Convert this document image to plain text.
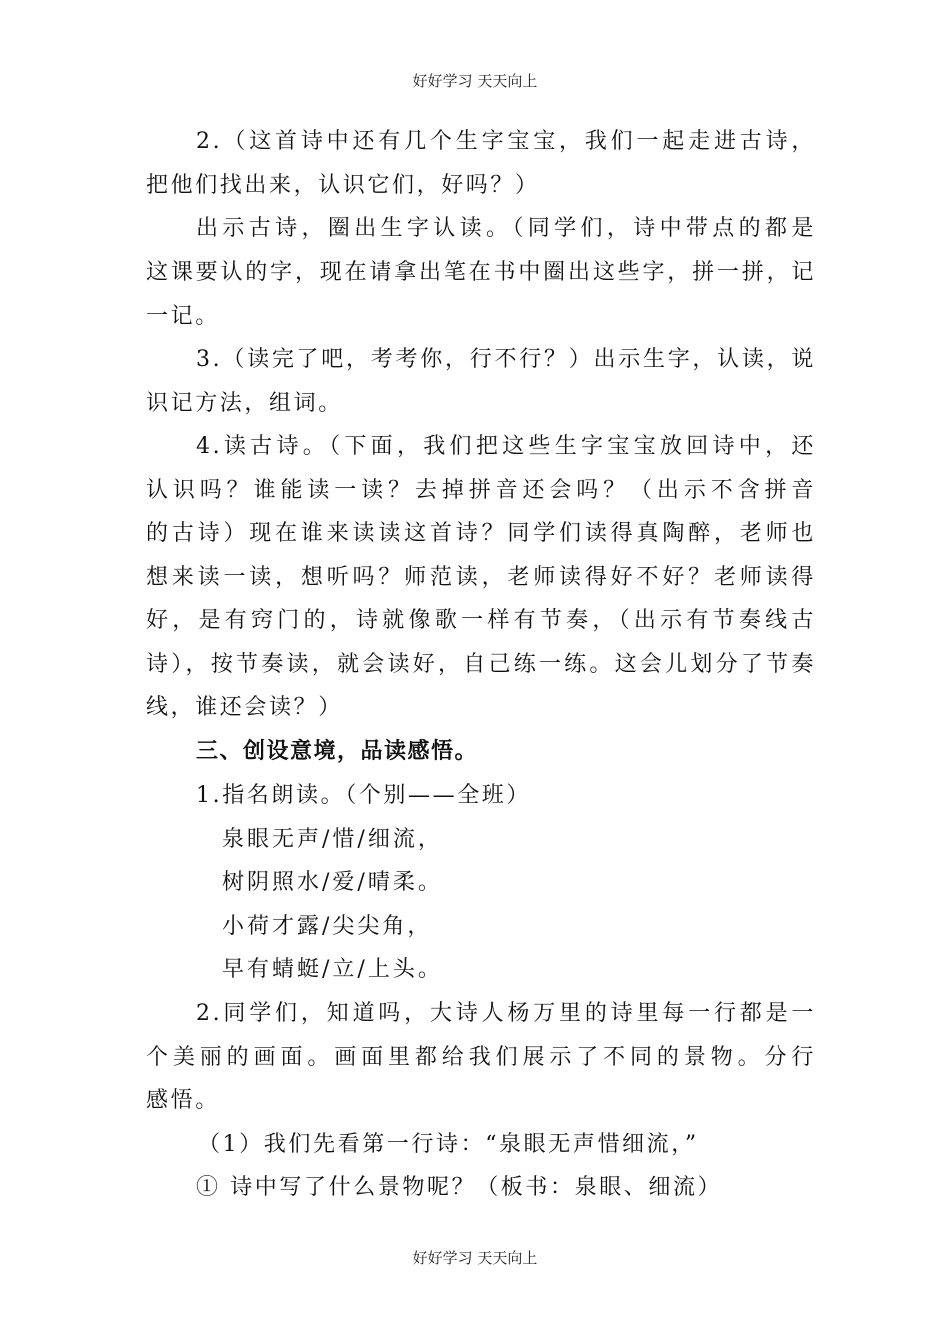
好好学习 天天向上
2.（这首诗中还有几个生字宝宝，我们一起走进古诗，
把他们找出来，认识它们，好吗？）
出示古诗，圈出生字认读。（同学们，诗中带点的都是
这课要认的字，现在请拿出笔在书中圈出这些字，拼一拼，记
一记。
3.（读完了吧，考考你，行不行？）出示生字，认读，说
识记方法，组词。
4.读古诗。（下面，我们把这些生字宝宝放回诗中，还
认识吗？谁能读一读？去掉拼音还会吗？（出示不含拼音
的古诗）现在谁来读读这首诗？同学们读得真陶醉，老师也
想来读一读，想听吗？师范读，老师读得好不好？老师读得
好，是有窍门的，诗就像歌一样有节奏，（出示有节奏线古
诗），按节奏读，就会读好，自己练一练。这会儿划分了节奏
线，谁还会读？）
三、创设意境，品读感悟。
1.指名朗读。（个别——全班）
泉眼无声/惜/细流，
树阴照水/爱/晴柔。
小荷才露/尖尖角，
早有蜻蜓/立/上头。
2.同学们，知道吗，大诗人杨万里的诗里每一行都是一
个美丽的画面。画面里都给我们展示了不同的景物。分行
感悟。
（1）我们先看第一行诗：“泉眼无声惜细流，”
① 诗中写了什么景物呢？（板书：泉眼、细流）
好好学习 天天向上
